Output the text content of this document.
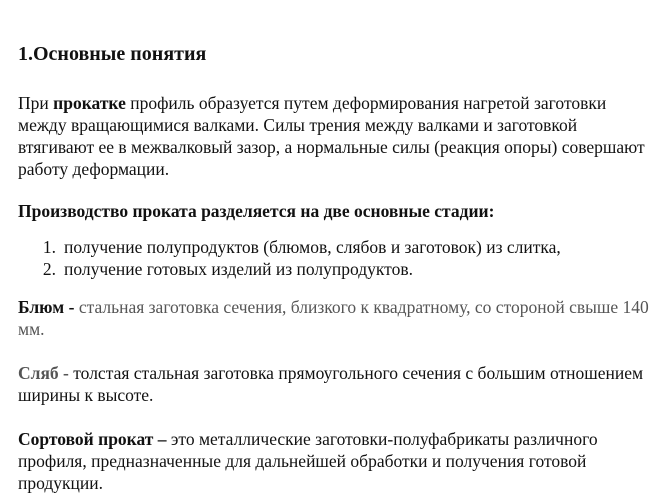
1.Основные понятия

При прокатке профиль образуется путем деформирования нагретой заготовки между вращающимися валками. Силы трения между валками и заготовкой втягивают ее в межвалковый зазор, а нормальные силы (реакция опоры) совершают работу деформации.

Производство проката разделяется на две основные стадии:

1. получение полупродуктов (блюмов, слябов и заготовок) из слитка,
2. получение готовых изделий из полупродуктов.

Блюм - стальная заготовка сечения, близкого к квадратному, со стороной свыше 140 мм.

Сляб - толстая стальная заготовка прямоугольного сечения с большим отношением ширины к высоте.

Сортовой прокат – это металлические заготовки-полуфабрикаты различного профиля, предназначенные для дальнейшей обработки и получения готовой продукции.
